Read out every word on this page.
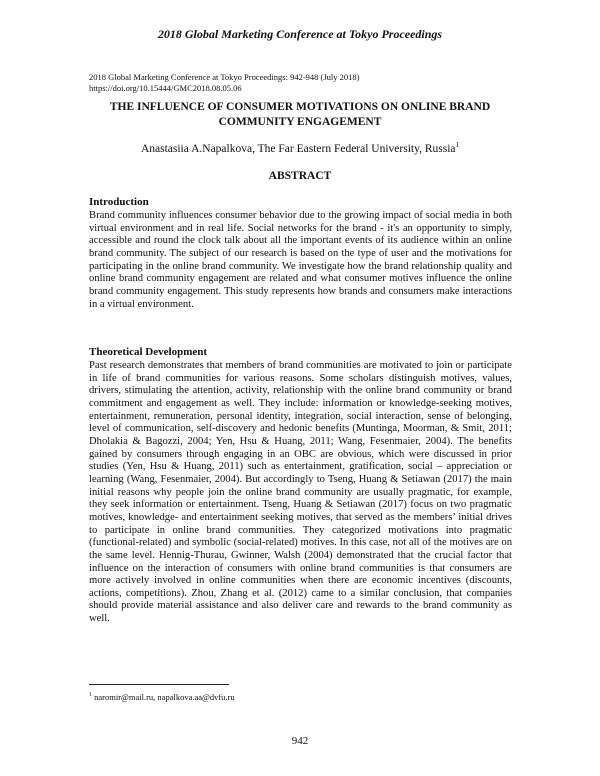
2018 Global Marketing Conference at Tokyo Proceedings
2018 Global Marketing Conference at Tokyo Proceedings: 942-948 (July 2018)
https://doi.org/10.15444/GMC2018.08.05.06
THE INFLUENCE OF CONSUMER MOTIVATIONS ON ONLINE BRAND COMMUNITY ENGAGEMENT
Anastasiia A.Napalkova, The Far Eastern Federal University, Russia$^1$
ABSTRACT
Introduction

Brand community influences consumer behavior due to the growing impact of social media in both virtual environment and in real life. Social networks for the brand - it's an opportunity to simply, accessible and round the clock talk about all the important events of its audience within an online brand community. The subject of our research is based on the type of user and the motivations for participating in the online brand community. We investigate how the brand relationship quality and online brand community engagement are related and what consumer motives influence the online brand community engagement. This study represents how brands and consumers make interactions in a virtual environment.

Theoretical Development

Past research demonstrates that members of brand communities are motivated to join or participate in life of brand communities for various reasons. Some scholars distinguish motives, values, drivers, stimulating the attention, activity, relationship with the online brand community or brand commitment and engagement as well. They include: information or knowledge-seeking motives, entertainment, remuneration, personal identity, integration, social interaction, sense of belonging, level of communication, self-discovery and hedonic benefits (Muntinga, Moorman, & Smit, 2011; Dholakia & Bagozzi, 2004; Yen, Hsu & Huang, 2011; Wang, Fesenmaier, 2004). The benefits gained by consumers through engaging in an OBC are obvious, which were discussed in prior studies (Yen, Hsu & Huang, 2011) such as entertainment, gratification, social – appreciation or learning (Wang, Fesenmaier, 2004). But accordingly to Tseng, Huang & Setiawan (2017) the main initial reasons why people join the online brand community are usually pragmatic, for example, they seek information or entertainment. Tseng, Huang & Setiawan (2017) focus on two pragmatic motives, knowledge- and entertainment seeking motives, that served as the members’ initial drives to participate in online brand communities. They categorized motivations into pragmatic (functional-related) and symbolic (social-related) motives. In this case, not all of the motives are on the same level. Hennig-Thurau, Gwinner, Walsh (2004) demonstrated that the crucial factor that influence on the interaction of consumers with online brand communities is that consumers are more actively involved in online communities when there are economic incentives (discounts, actions, competitions). Zhou, Zhang et al. (2012) came to a similar conclusion, that companies should provide material assistance and also deliver care and rewards to the brand community as well.

$^1$ naromir@mail.ru, napalkova.aa@dvfu.ru
942
